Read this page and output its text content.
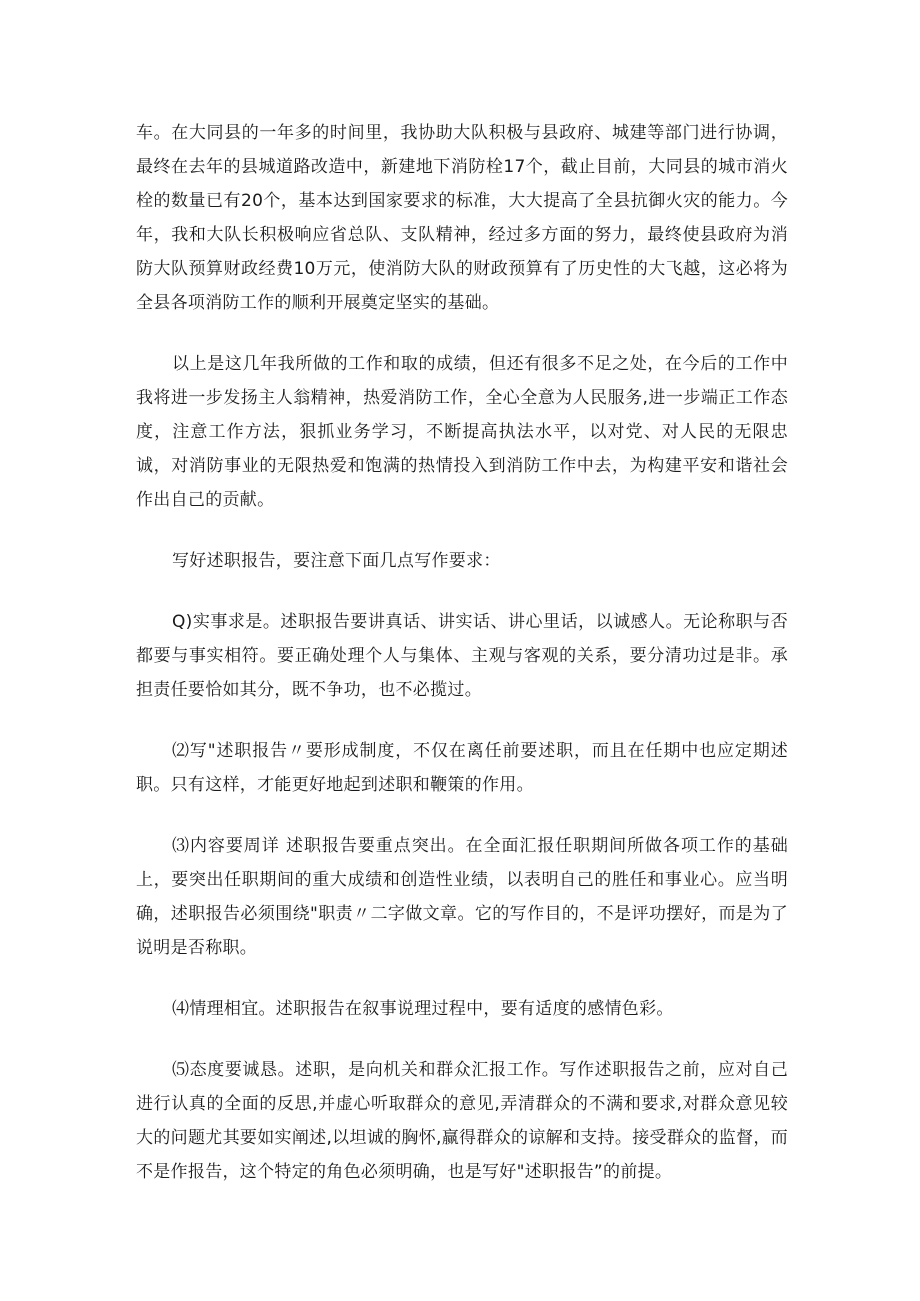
车。在大同县的一年多的时间里，我协助大队积极与县政府、城建等部门进行协调，最终在去年的县城道路改造中，新建地下消防栓17个，截止目前，大同县的城市消火栓的数量已有20个，基本达到国家要求的标准，大大提高了全县抗御火灾的能力。今年，我和大队长积极响应省总队、支队精神，经过多方面的努力，最终使县政府为消防大队预算财政经费10万元，使消防大队的财政预算有了历史性的大飞越，这必将为全县各项消防工作的顺利开展奠定坚实的基础。

以上是这几年我所做的工作和取的成绩，但还有很多不足之处，在今后的工作中我将进一步发扬主人翁精神，热爱消防工作，全心全意为人民服务,进一步端正工作态度，注意工作方法，狠抓业务学习，不断提高执法水平，以对党、对人民的无限忠诚，对消防事业的无限热爱和饱满的热情投入到消防工作中去，为构建平安和谐社会作出自己的贡献。

写好述职报告，要注意下面几点写作要求：

Q)实事求是。述职报告要讲真话、讲实话、讲心里话，以诚感人。无论称职与否都要与事实相符。要正确处理个人与集体、主观与客观的关系，要分清功过是非。承担责任要恰如其分，既不争功，也不必揽过。

⑵写"述职报告〃要形成制度，不仅在离任前要述职，而且在任期中也应定期述职。只有这样，才能更好地起到述职和鞭策的作用。

⑶内容要周详 述职报告要重点突出。在全面汇报任职期间所做各项工作的基础上，要突出任职期间的重大成绩和创造性业绩，以表明自己的胜任和事业心。应当明确，述职报告必须围绕"职责〃二字做文章。它的写作目的，不是评功摆好，而是为了说明是否称职。

⑷情理相宜。述职报告在叙事说理过程中，要有适度的感情色彩。

⑸态度要诚恳。述职，是向机关和群众汇报工作。写作述职报告之前，应对自己进行认真的全面的反思,并虚心听取群众的意见,弄清群众的不满和要求,对群众意见较大的问题尤其要如实阐述,以坦诚的胸怀,赢得群众的谅解和支持。接受群众的监督，而不是作报告，这个特定的角色必须明确，也是写好"述职报告”的前提。
